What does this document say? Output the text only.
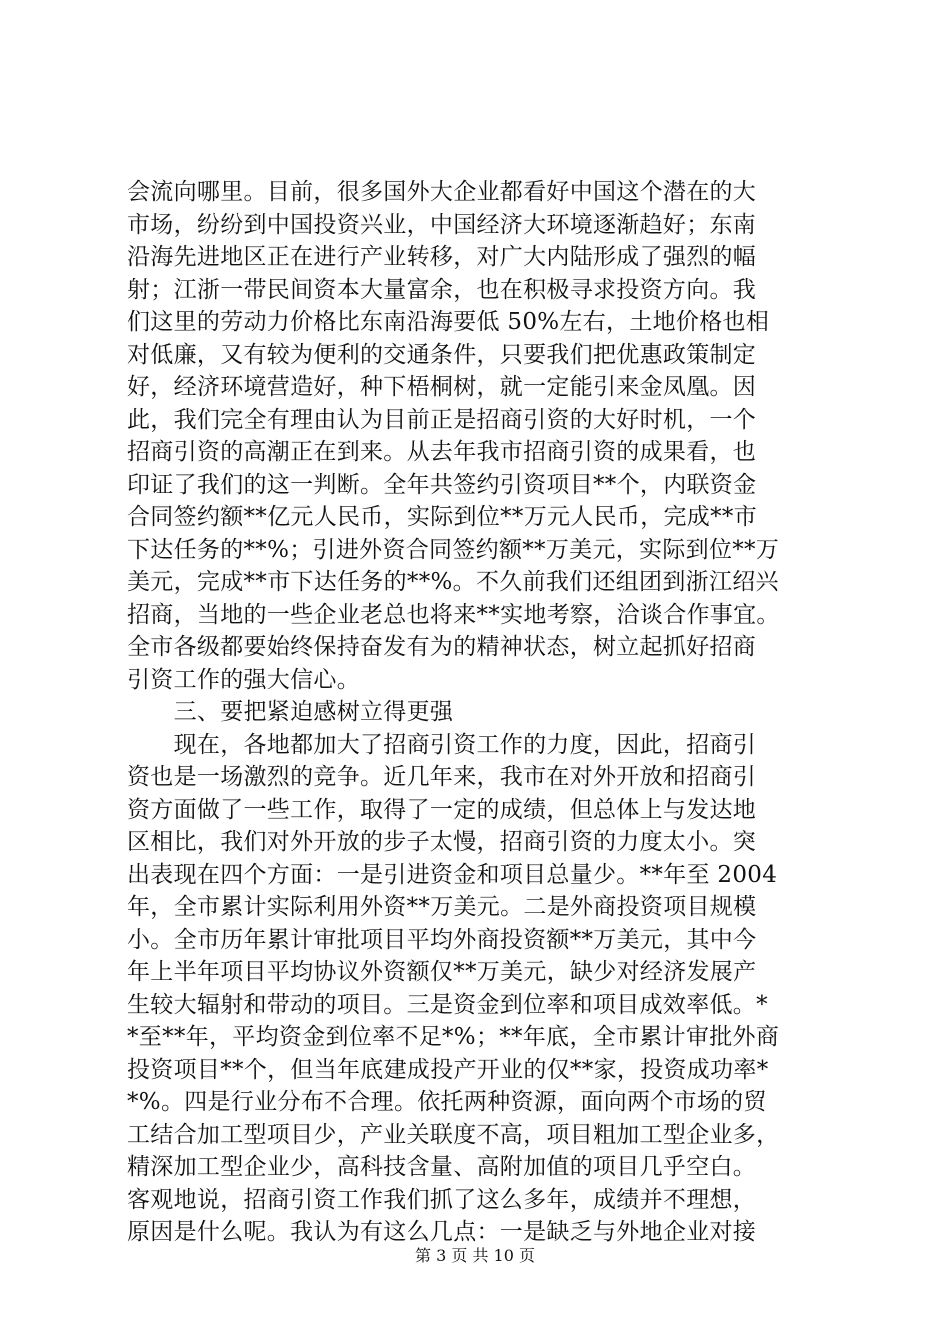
会流向哪里。目前，很多国外大企业都看好中国这个潜在的大
市场，纷纷到中国投资兴业，中国经济大环境逐渐趋好；东南
沿海先进地区正在进行产业转移，对广大内陆形成了强烈的幅
射；江浙一带民间资本大量富余，也在积极寻求投资方向。我
们这里的劳动力价格比东南沿海要低 50%左右，土地价格也相
对低廉，又有较为便利的交通条件，只要我们把优惠政策制定
好，经济环境营造好，种下梧桐树，就一定能引来金凤凰。因
此，我们完全有理由认为目前正是招商引资的大好时机，一个
招商引资的高潮正在到来。从去年我市招商引资的成果看，也
印证了我们的这一判断。全年共签约引资项目**个，内联资金
合同签约额**亿元人民币，实际到位**万元人民币，完成**市
下达任务的**%；引进外资合同签约额**万美元，实际到位**万
美元，完成**市下达任务的**%。不久前我们还组团到浙江绍兴
招商，当地的一些企业老总也将来**实地考察，洽谈合作事宜。
全市各级都要始终保持奋发有为的精神状态，树立起抓好招商
引资工作的强大信心。
　　三、要把紧迫感树立得更强
　　现在，各地都加大了招商引资工作的力度，因此，招商引
资也是一场激烈的竞争。近几年来，我市在对外开放和招商引
资方面做了一些工作，取得了一定的成绩，但总体上与发达地
区相比，我们对外开放的步子太慢，招商引资的力度太小。突
出表现在四个方面：一是引进资金和项目总量少。**年至 2004
年，全市累计实际利用外资**万美元。二是外商投资项目规模
小。全市历年累计审批项目平均外商投资额**万美元，其中今
年上半年项目平均协议外资额仅**万美元，缺少对经济发展产
生较大辐射和带动的项目。三是资金到位率和项目成效率低。*
*至**年，平均资金到位率不足*%；**年底，全市累计审批外商
投资项目**个，但当年底建成投产开业的仅**家，投资成功率*
*%。四是行业分布不合理。依托两种资源，面向两个市场的贸
工结合加工型项目少，产业关联度不高，项目粗加工型企业多，
精深加工型企业少，高科技含量、高附加值的项目几乎空白。
客观地说，招商引资工作我们抓了这么多年，成绩并不理想，
原因是什么呢。我认为有这么几点：一是缺乏与外地企业对接
第 3 页 共 10 页
